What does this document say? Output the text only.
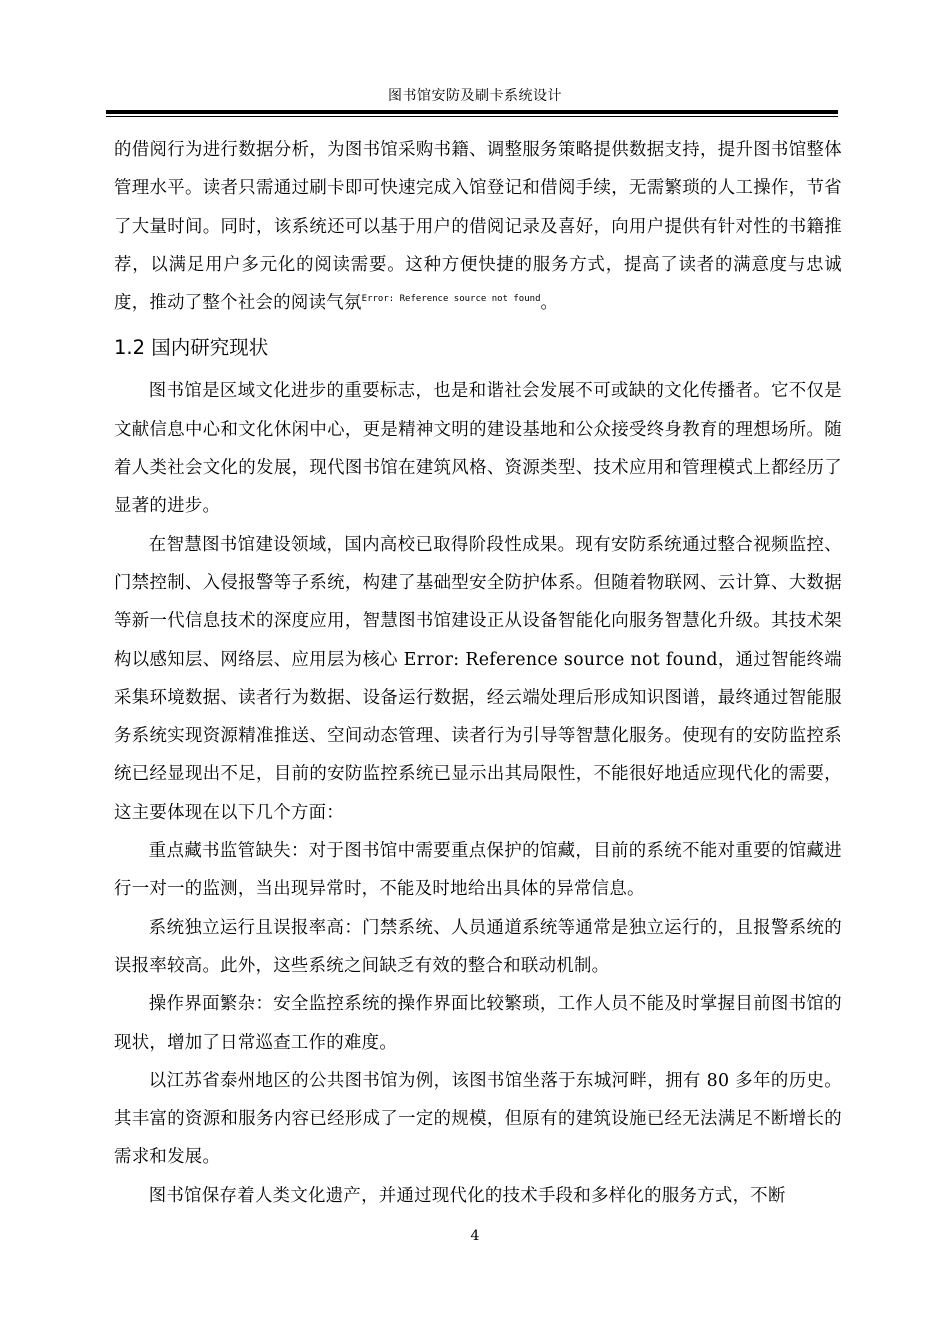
图书馆安防及刷卡系统设计

的借阅行为进行数据分析，为图书馆采购书籍、调整服务策略提供数据支持，提升图书馆整体管理水平。读者只需通过刷卡即可快速完成入馆登记和借阅手续，无需繁琐的人工操作，节省了大量时间。同时，该系统还可以基于用户的借阅记录及喜好，向用户提供有针对性的书籍推荐，以满足用户多元化的阅读需要。这种方便快捷的服务方式，提高了读者的满意度与忠诚度，推动了整个社会的阅读气氛$^{Error: Reference source not found}$。

1.2 国内研究现状

图书馆是区域文化进步的重要标志，也是和谐社会发展不可或缺的文化传播者。它不仅是文献信息中心和文化休闲中心，更是精神文明的建设基地和公众接受终身教育的理想场所。随着人类社会文化的发展，现代图书馆在建筑风格、资源类型、技术应用和管理模式上都经历了显著的进步。

在智慧图书馆建设领域，国内高校已取得阶段性成果。现有安防系统通过整合视频监控、门禁控制、入侵报警等子系统，构建了基础型安全防护体系。但随着物联网、云计算、大数据等新一代信息技术的深度应用，智慧图书馆建设正从设备智能化向服务智慧化升级。其技术架构以感知层、网络层、应用层为核心 Error: Reference source not found，通过智能终端采集环境数据、读者行为数据、设备运行数据，经云端处理后形成知识图谱，最终通过智能服务系统实现资源精准推送、空间动态管理、读者行为引导等智慧化服务。使现有的安防监控系统已经显现出不足，目前的安防监控系统已显示出其局限性，不能很好地适应现代化的需要，这主要体现在以下几个方面：

重点藏书监管缺失：对于图书馆中需要重点保护的馆藏，目前的系统不能对重要的馆藏进行一对一的监测，当出现异常时，不能及时地给出具体的异常信息。

系统独立运行且误报率高：门禁系统、人员通道系统等通常是独立运行的，且报警系统的误报率较高。此外，这些系统之间缺乏有效的整合和联动机制。

操作界面繁杂：安全监控系统的操作界面比较繁琐，工作人员不能及时掌握目前图书馆的现状，增加了日常巡查工作的难度。

以江苏省泰州地区的公共图书馆为例，该图书馆坐落于东城河畔，拥有 80 多年的历史。其丰富的资源和服务内容已经形成了一定的规模，但原有的建筑设施已经无法满足不断增长的需求和发展。

图书馆保存着人类文化遗产，并通过现代化的技术手段和多样化的服务方式，不断

4
